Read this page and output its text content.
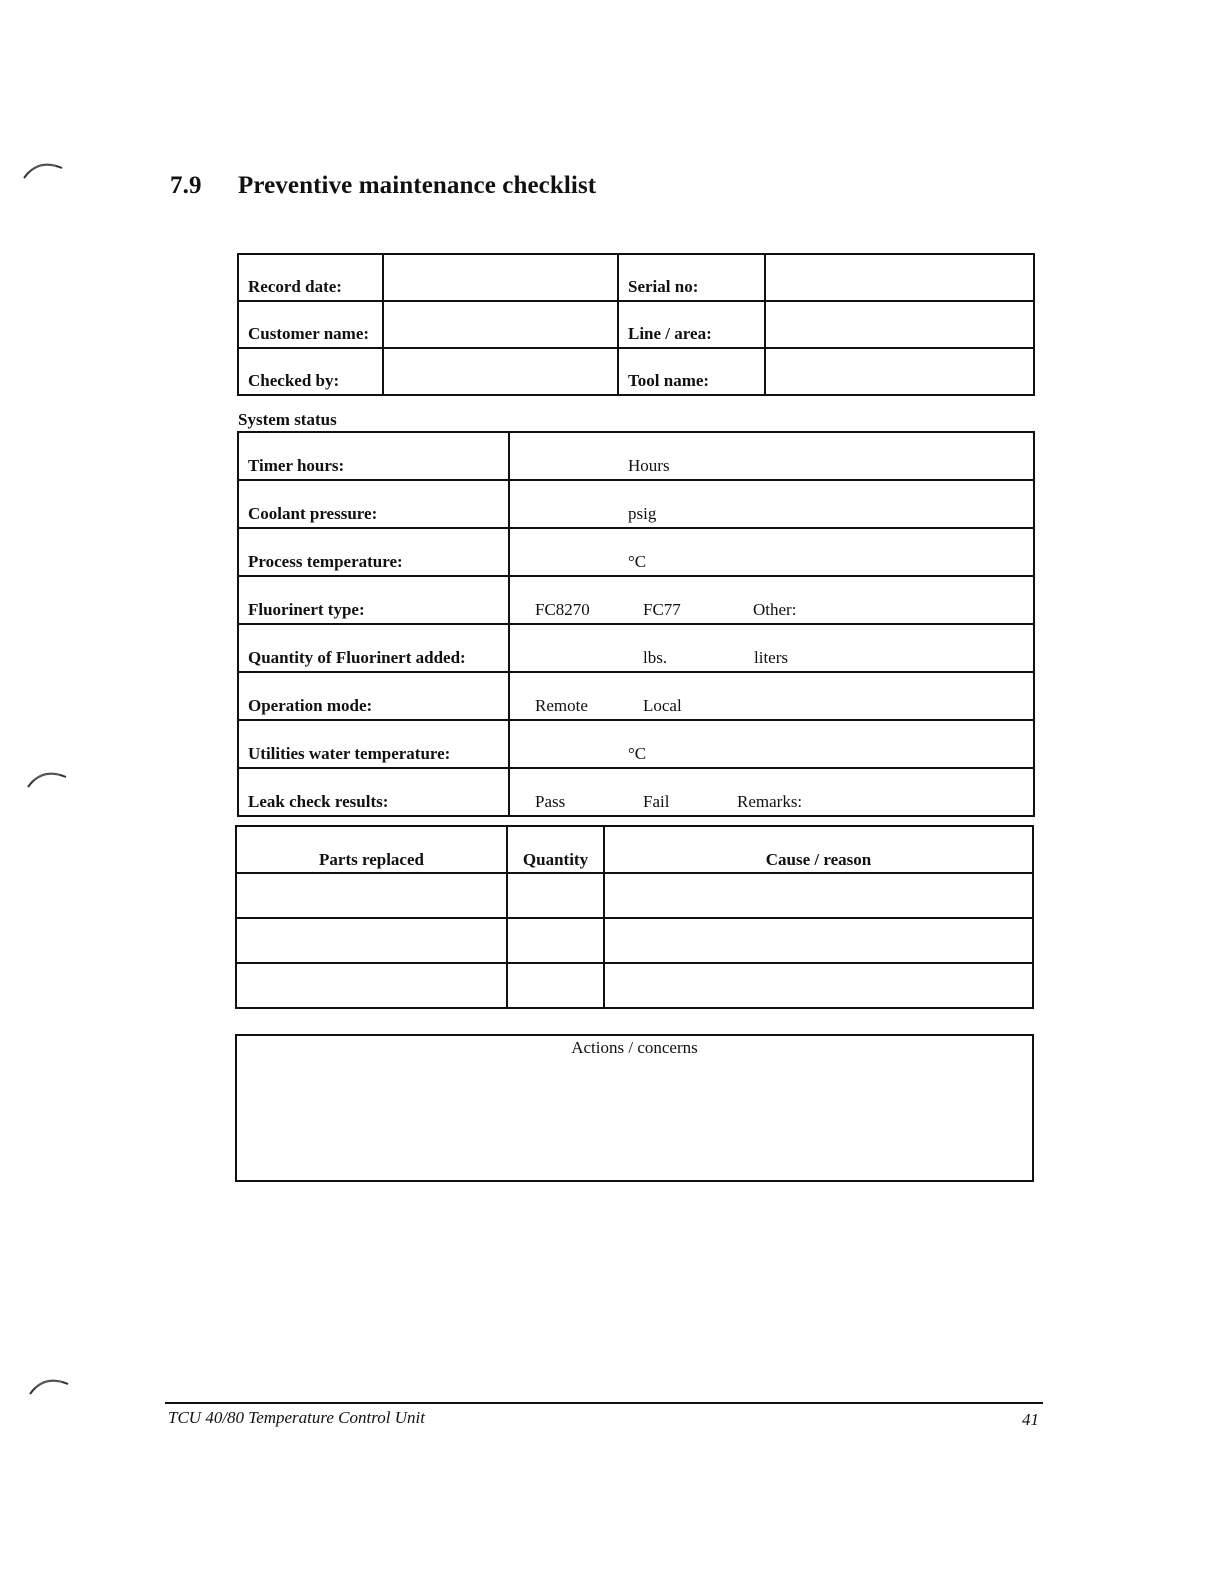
7.9 Preventive maintenance checklist
Record date:		Serial no:	
Customer name:		Line / area:	
Checked by:		Tool name:	
System status
Timer hours:	Hours

Coolant pressure:	psig

Process temperature:	°C

Fluorinert type:	FC8270 FC77 Other:

Quantity of Fluorinert added:	lbs. liters

Operation mode:	Remote Local

Utilities water temperature:	°C

Leak check results:	Pass Fail Remarks:
Parts replaced	Quantity	Cause / reason

Actions / concerns
TCU 40/80 Temperature Control Unit	41
